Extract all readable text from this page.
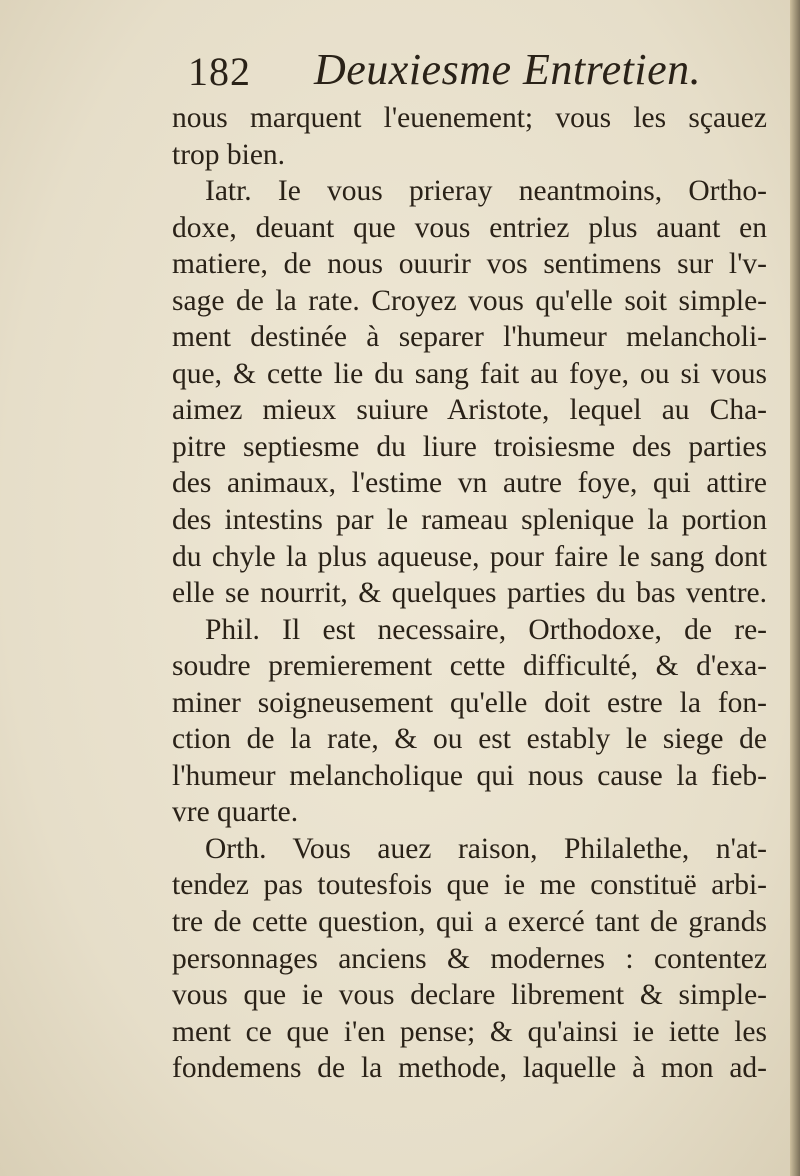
182 Deuxiesme Entretien.
nous marquent l'euenement; vous les sçauez
trop bien.
Iatr. Ie vous prieray neantmoins, Ortho-
doxe, deuant que vous entriez plus auant en
matiere, de nous ouurir vos sentimens sur l'v-
sage de la rate. Croyez vous qu'elle soit simple-
ment destinée à separer l'humeur melancholi-
que, & cette lie du sang fait au foye, ou si vous
aimez mieux suiure Aristote, lequel au Cha-
pitre septiesme du liure troisiesme des parties
des animaux, l'estime vn autre foye, qui attire
des intestins par le rameau splenique la portion
du chyle la plus aqueuse, pour faire le sang dont
elle se nourrit, & quelques parties du bas ventre.
Phil. Il est necessaire, Orthodoxe, de re-
soudre premierement cette difficulté, & d'exa-
miner soigneusement qu'elle doit estre la fon-
ction de la rate, & ou est estably le siege de
l'humeur melancholique qui nous cause la fieb-
vre quarte.
Orth. Vous auez raison, Philalethe, n'at-
tendez pas toutesfois que ie me constituë arbi-
tre de cette question, qui a exercé tant de grands
personnages anciens & modernes : contentez
vous que ie vous declare librement & simple-
ment ce que i'en pense; & qu'ainsi ie iette les
fondemens de la methode, laquelle à mon ad-
